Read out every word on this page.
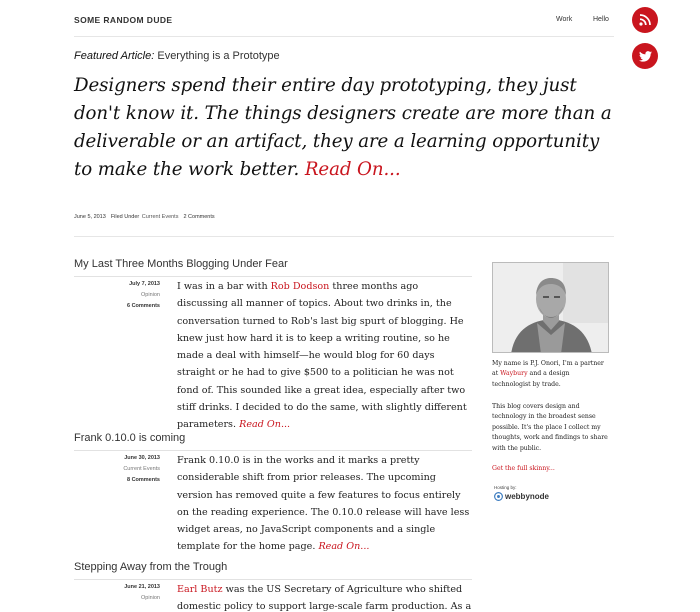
SOME RANDOM DUDE	Work	Hello
Featured Article: Everything is a Prototype
Designers spend their entire day prototyping, they just don't know it. The things designers create are more than a deliverable or an artifact, they are a learning opportunity to make the work better. Read On...
June 5, 2013 Filed Under Current Events 2 Comments
My Last Three Months Blogging Under Fear
July 7, 2013
Opinion
6 Comments
I was in a bar with Rob Dodson three months ago discussing all manner of topics. About two drinks in, the conversation turned to Rob's last big spurt of blogging. He knew just how hard it is to keep a writing routine, so he made a deal with himself—he would blog for 60 days straight or he had to give $500 to a politician he was not fond of. This sounded like a great idea, especially after two stiff drinks. I decided to do the same, with slightly different parameters. Read On...
Frank 0.10.0 is coming
June 30, 2013
Current Events
8 Comments
Frank 0.10.0 is in the works and it marks a pretty considerable shift from prior releases. The upcoming version has removed quite a few features to focus entirely on the reading experience. The 0.10.0 release will have less widget areas, no JavaScript components and a single template for the home page. Read On...
Stepping Away from the Trough
June 21, 2013
Opinion
Earl Butz was the US Secretary of Agriculture who shifted domestic policy to support large-scale farm production. As a
My name is P.J. Onori, I'm a partner at Waybury and a design technologist by trade.
This blog covers design and technology in the broadest sense possible. It's the place I collect my thoughts, work and findings to share with the public.
Get the full skinny...
Hosting by:
webbynode
